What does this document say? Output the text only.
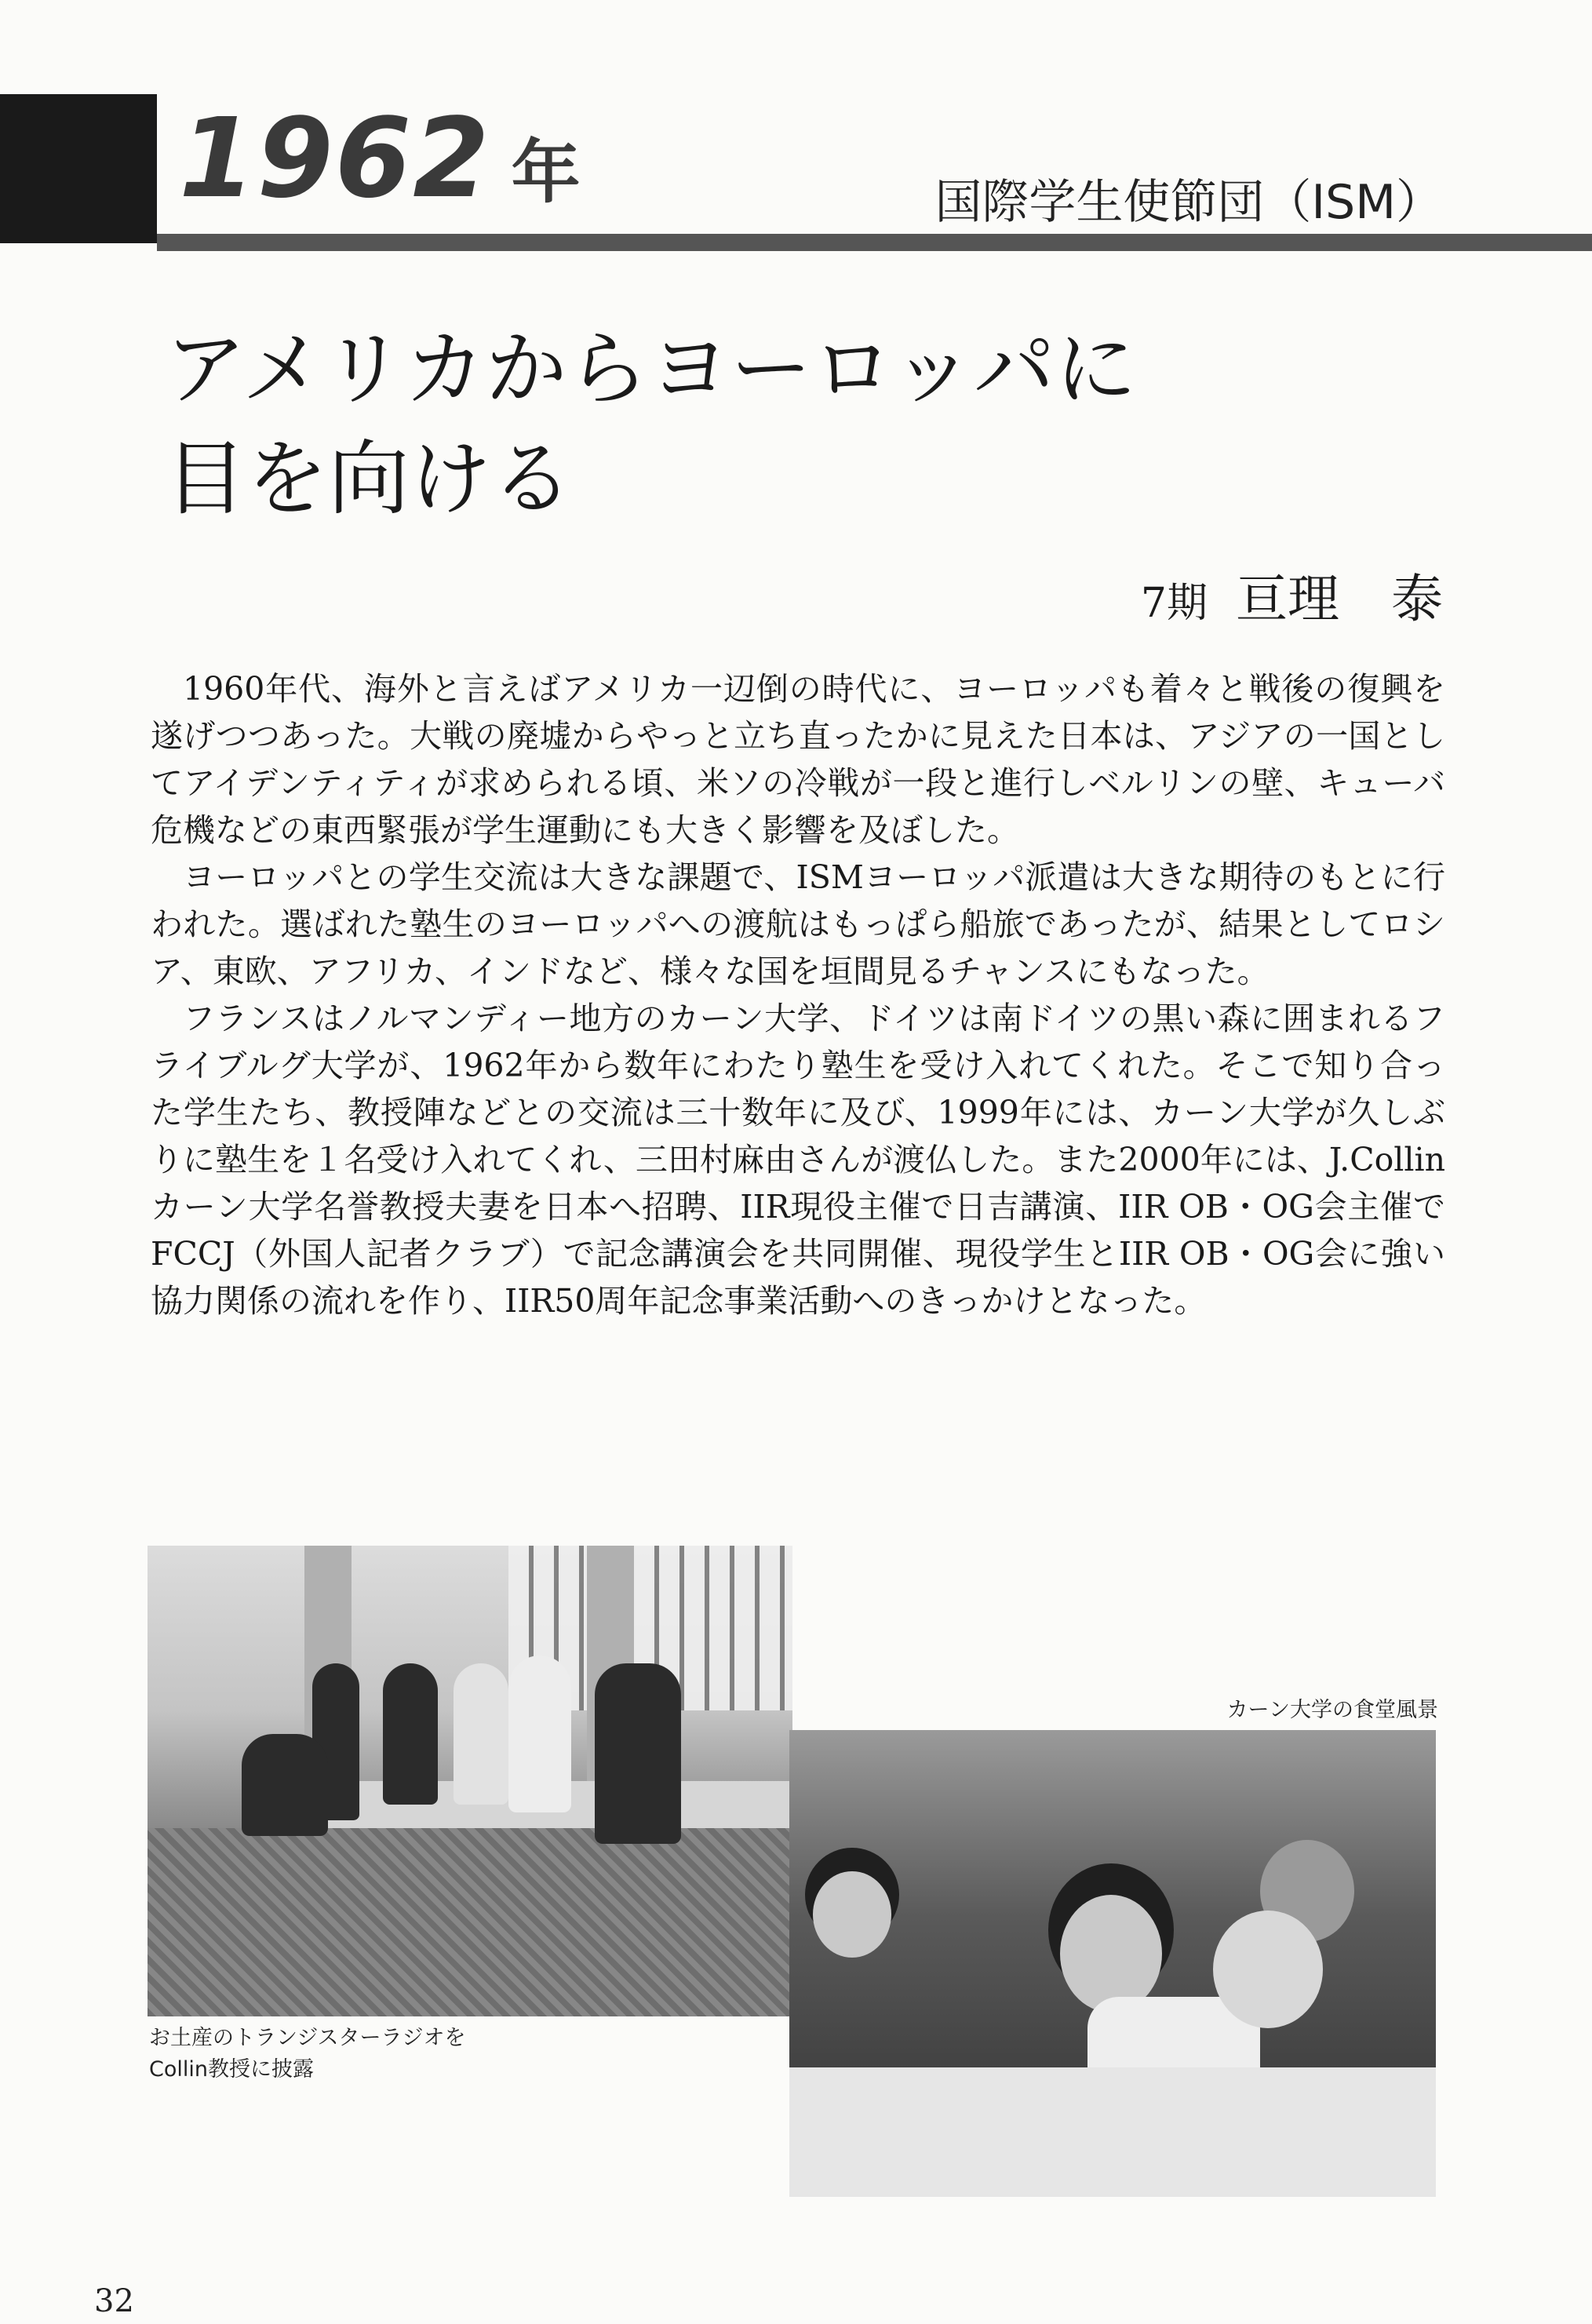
1962 年	国際学生使節団（ISM）
アメリカからヨーロッパに
目を向ける
7期 亘理　泰

1960年代、海外と言えばアメリカ一辺倒の時代に、ヨーロッパも着々と戦後の復興を遂げつつあった。大戦の廃墟からやっと立ち直ったかに見えた日本は、アジアの一国としてアイデンティティが求められる頃、米ソの冷戦が一段と進行しベルリンの壁、キューバ危機などの東西緊張が学生運動にも大きく影響を及ぼした。

ヨーロッパとの学生交流は大きな課題で、ISMヨーロッパ派遣は大きな期待のもとに行われた。選ばれた塾生のヨーロッパへの渡航はもっぱら船旅であったが、結果としてロシア、東欧、アフリカ、インドなど、様々な国を垣間見るチャンスにもなった。

フランスはノルマンディー地方のカーン大学、ドイツは南ドイツの黒い森に囲まれるフライブルグ大学が、1962年から数年にわたり塾生を受け入れてくれた。そこで知り合った学生たち、教授陣などとの交流は三十数年に及び、1999年には、カーン大学が久しぶりに塾生を１名受け入れてくれ、三田村麻由さんが渡仏した。また2000年には、J.Collinカーン大学名誉教授夫妻を日本へ招聘、IIR現役主催で日吉講演、IIR OB・OG会主催でFCCJ（外国人記者クラブ）で記念講演会を共同開催、現役学生とIIR OB・OG会に強い協力関係の流れを作り、IIR50周年記念事業活動へのきっかけとなった。

カーン大学の食堂風景
お土産のトランジスターラジオを
Collin教授に披露
32
